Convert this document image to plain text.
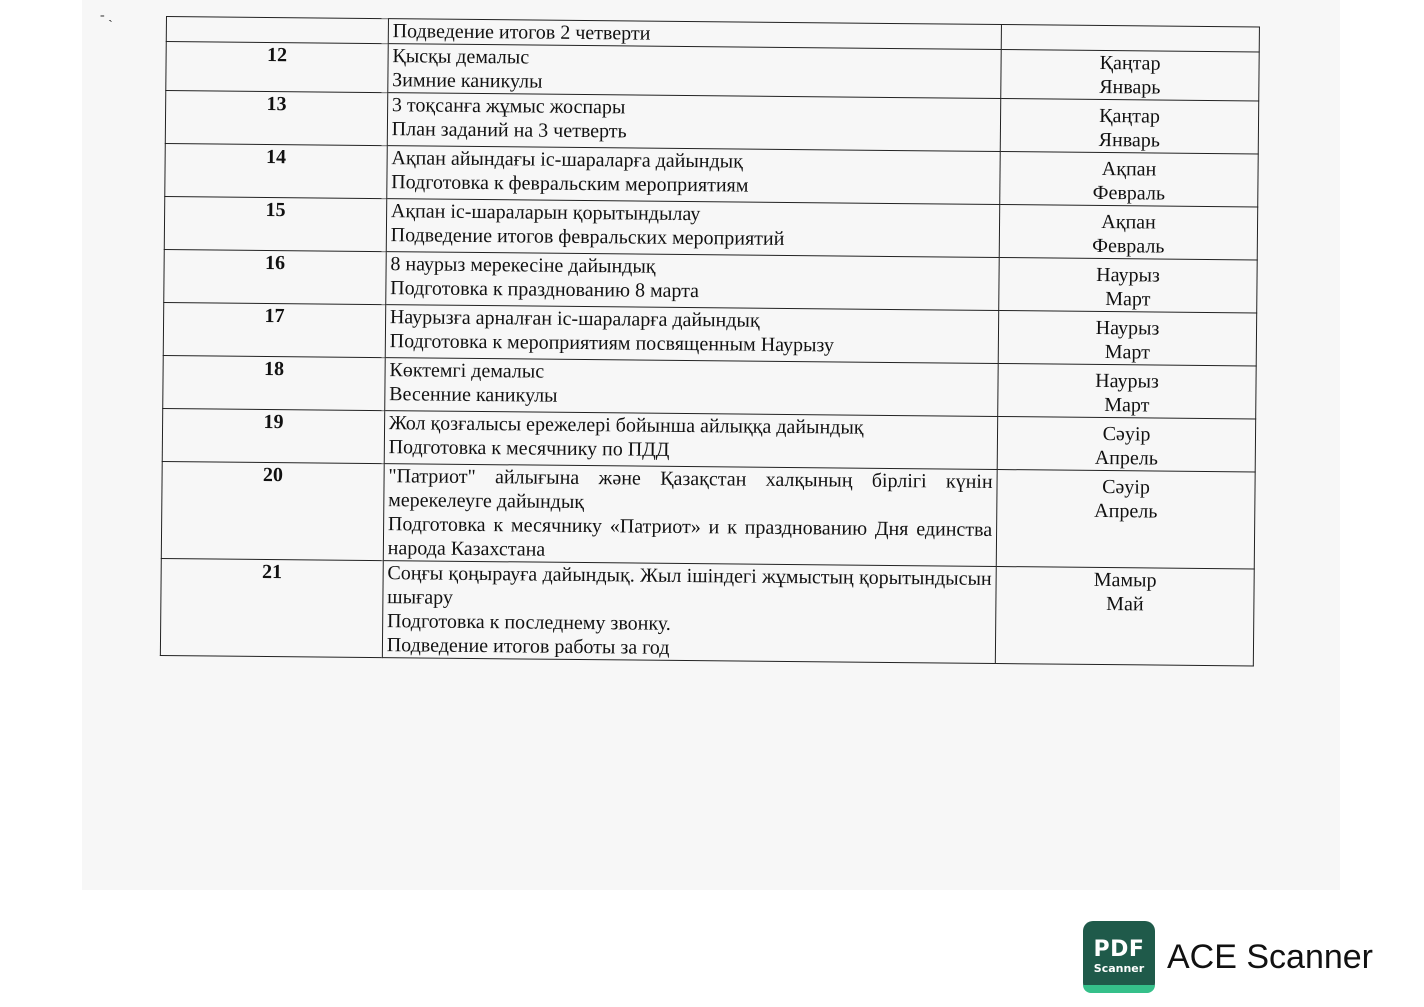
- ˎ

	Подведение итогов 2 четверти	

12	Қысқы демалыс
Зимние каникулы	Қаңтар
Январь

13	3 тоқсанға жұмыс жоспары
План заданий на 3 четверть	Қаңтар
Январь

14	Ақпан айындағы іс-шараларға дайындық
Подготовка к февральским мероприятиям	Ақпан
Февраль

15	Ақпан іс-шараларын қорытындылау
Подведение итогов февральских мероприятий	Ақпан
Февраль

16	8 наурыз мерекесіне дайындық
Подготовка к празднованию 8 марта	Наурыз
Март

17	Наурызға арналған іс-шараларға дайындық
Подготовка к мероприятиям посвященным Наурызу	Наурыз
Март

18	Көктемгі демалыс
Весенние каникулы	Наурыз
Март

19	Жол қозғалысы ережелері бойынша айлыққа дайындық
Подготовка к месячнику по ПДД	Сәуір
Апрель

20	"Патриот" айлығына және Қазақстан халқының бірлігі күнін мерекелеуге дайындық
Подготовка к месячнику «Патриот» и к празднованию Дня единства народа Казахстана	Сәуір
Апрель

21	Соңғы қоңырауға дайындық. Жыл ішіндегі жұмыстың қорытындысын шығару
Подготовка к последнему звонку.
Подведение итогов работы за год	Мамыр
Май
PDF
Scanner ACE Scanner
